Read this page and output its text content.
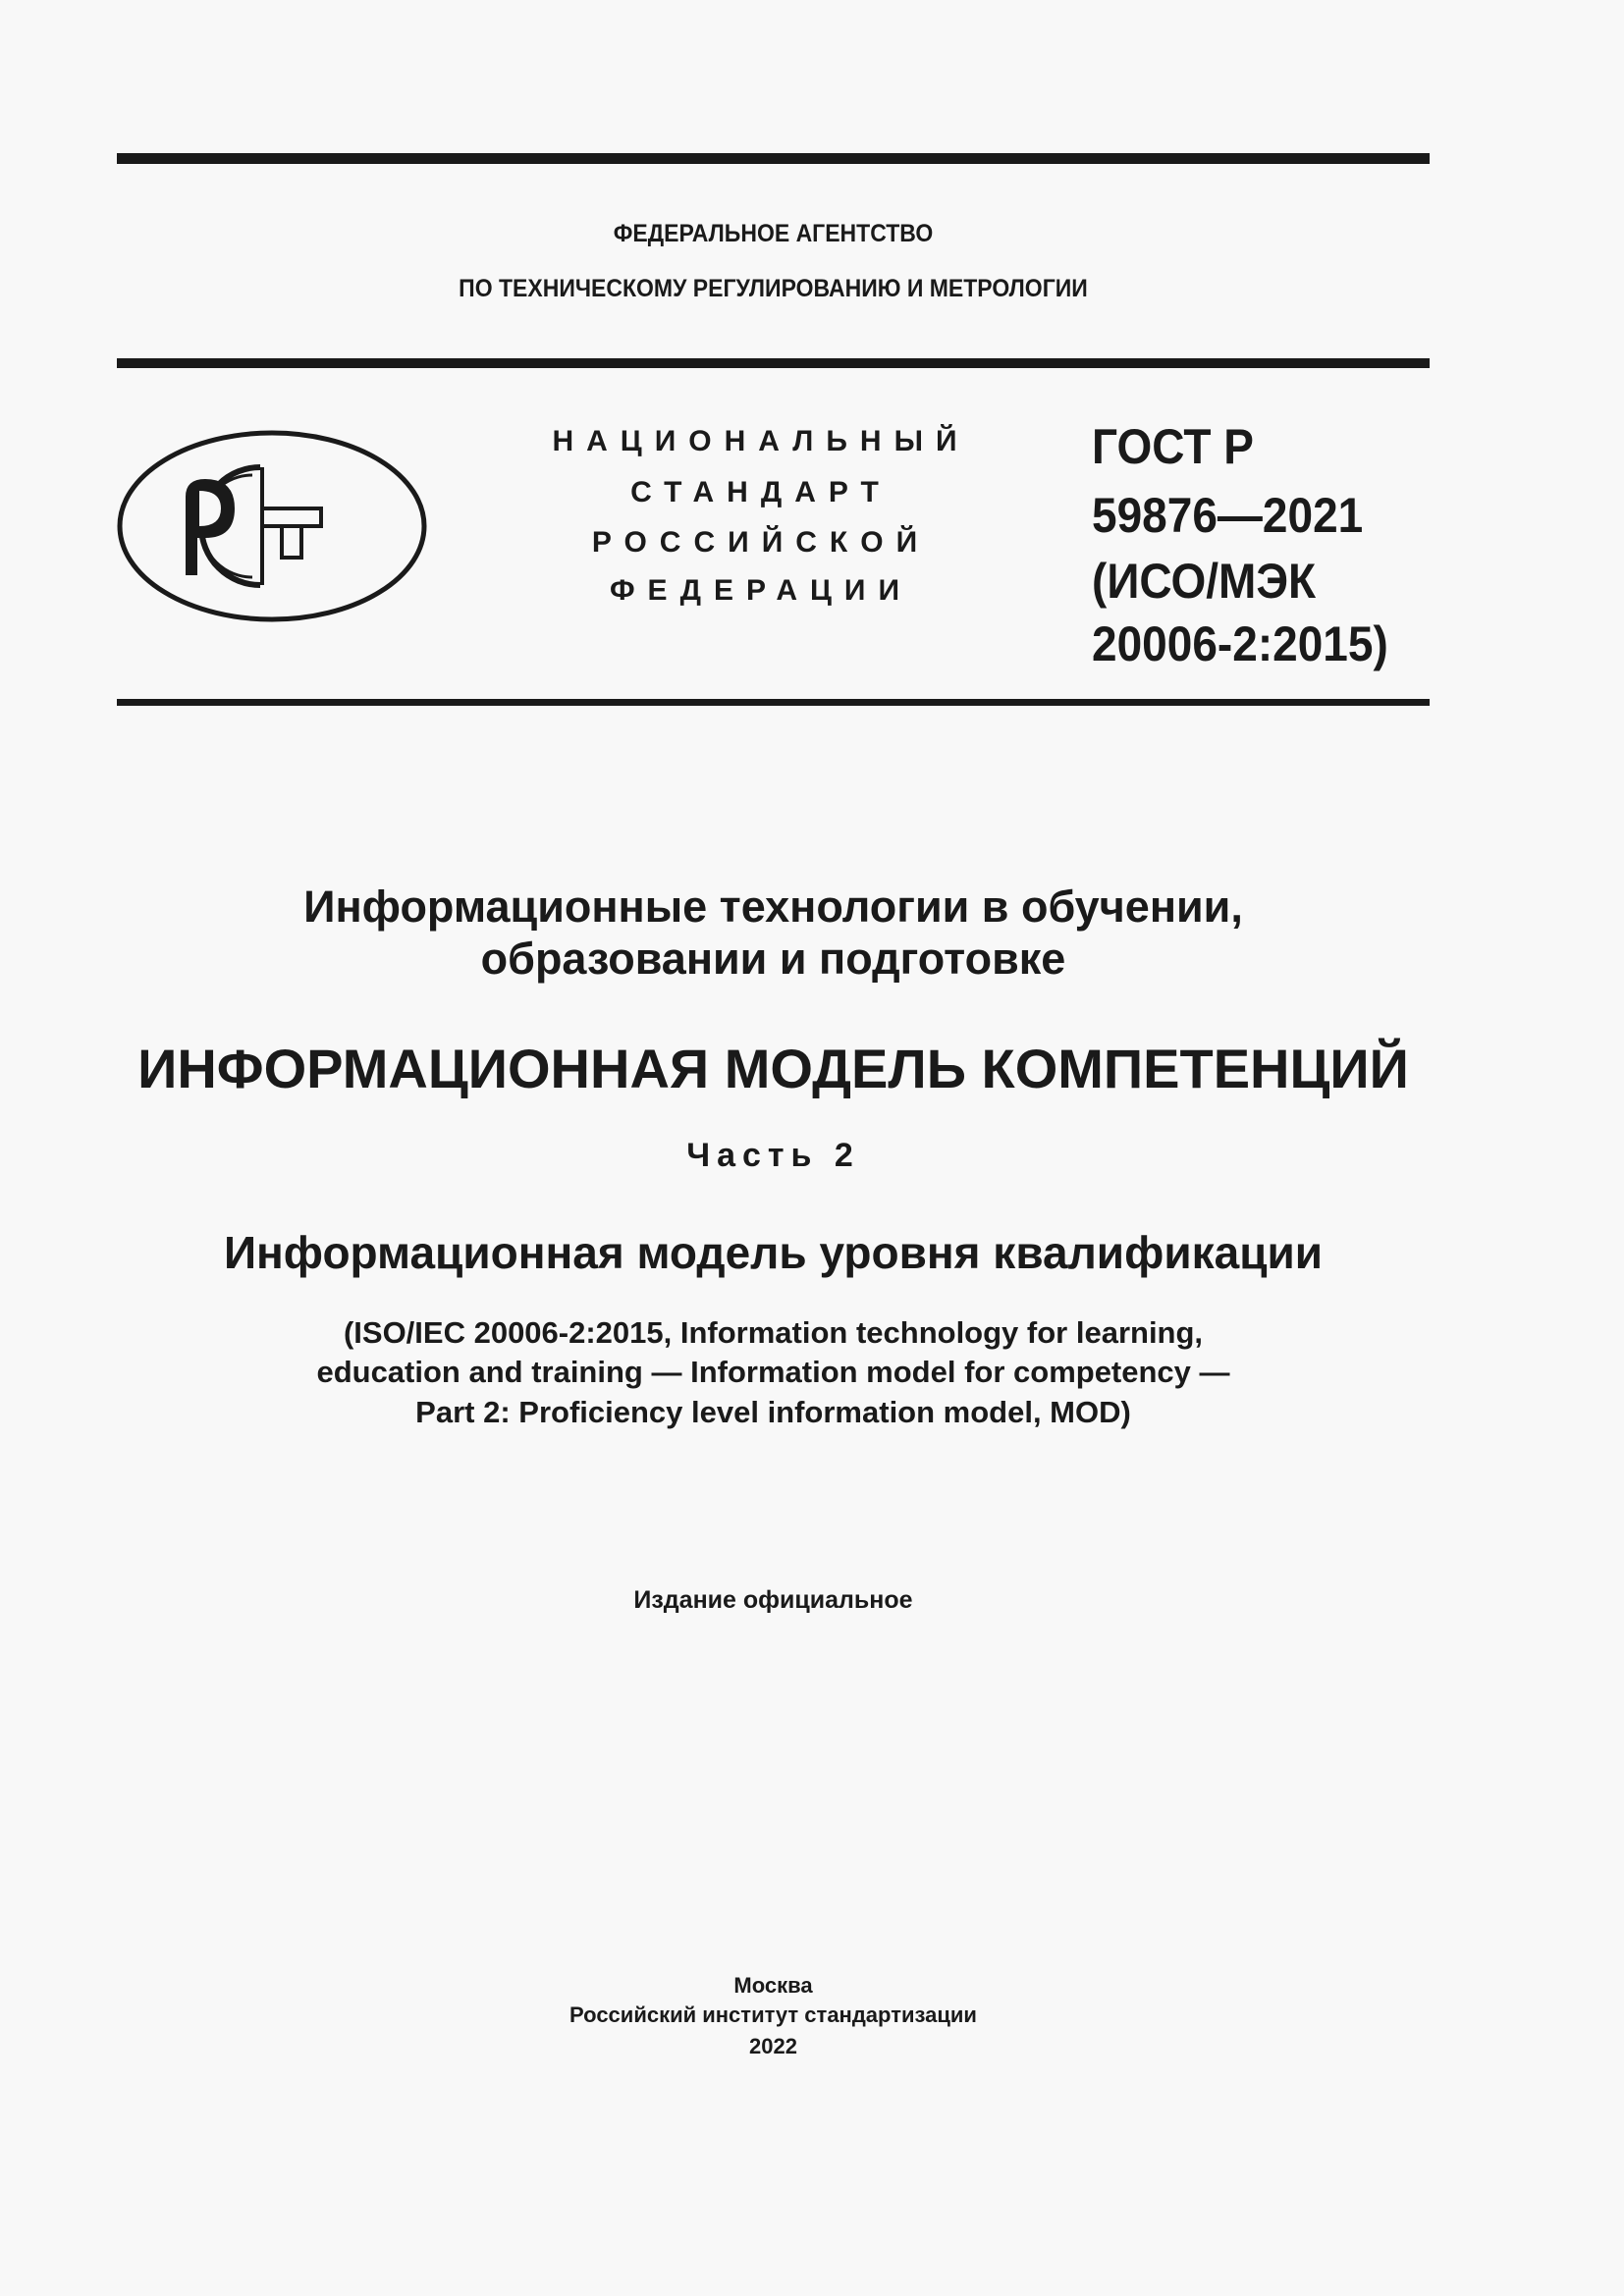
ФЕДЕРАЛЬНОЕ АГЕНТСТВО
ПО ТЕХНИЧЕСКОМУ РЕГУЛИРОВАНИЮ И МЕТРОЛОГИИ
НАЦИОНАЛЬНЫЙ
СТАНДАРТ
РОССИЙСКОЙ
ФЕДЕРАЦИИ
ГОСТ Р
59876—2021
(ИСО/МЭК
20006-2:2015)
Информационные технологии в обучении,
образовании и подготовке
ИНФОРМАЦИОННАЯ МОДЕЛЬ КОМПЕТЕНЦИЙ
Часть 2
Информационная модель уровня квалификации
(ISO/IEC 20006-2:2015, Information technology for learning,
education and training — Information model for competency —
Part 2: Proficiency level information model, MOD)
Издание официальное
Москва
Российский институт стандартизации
2022
